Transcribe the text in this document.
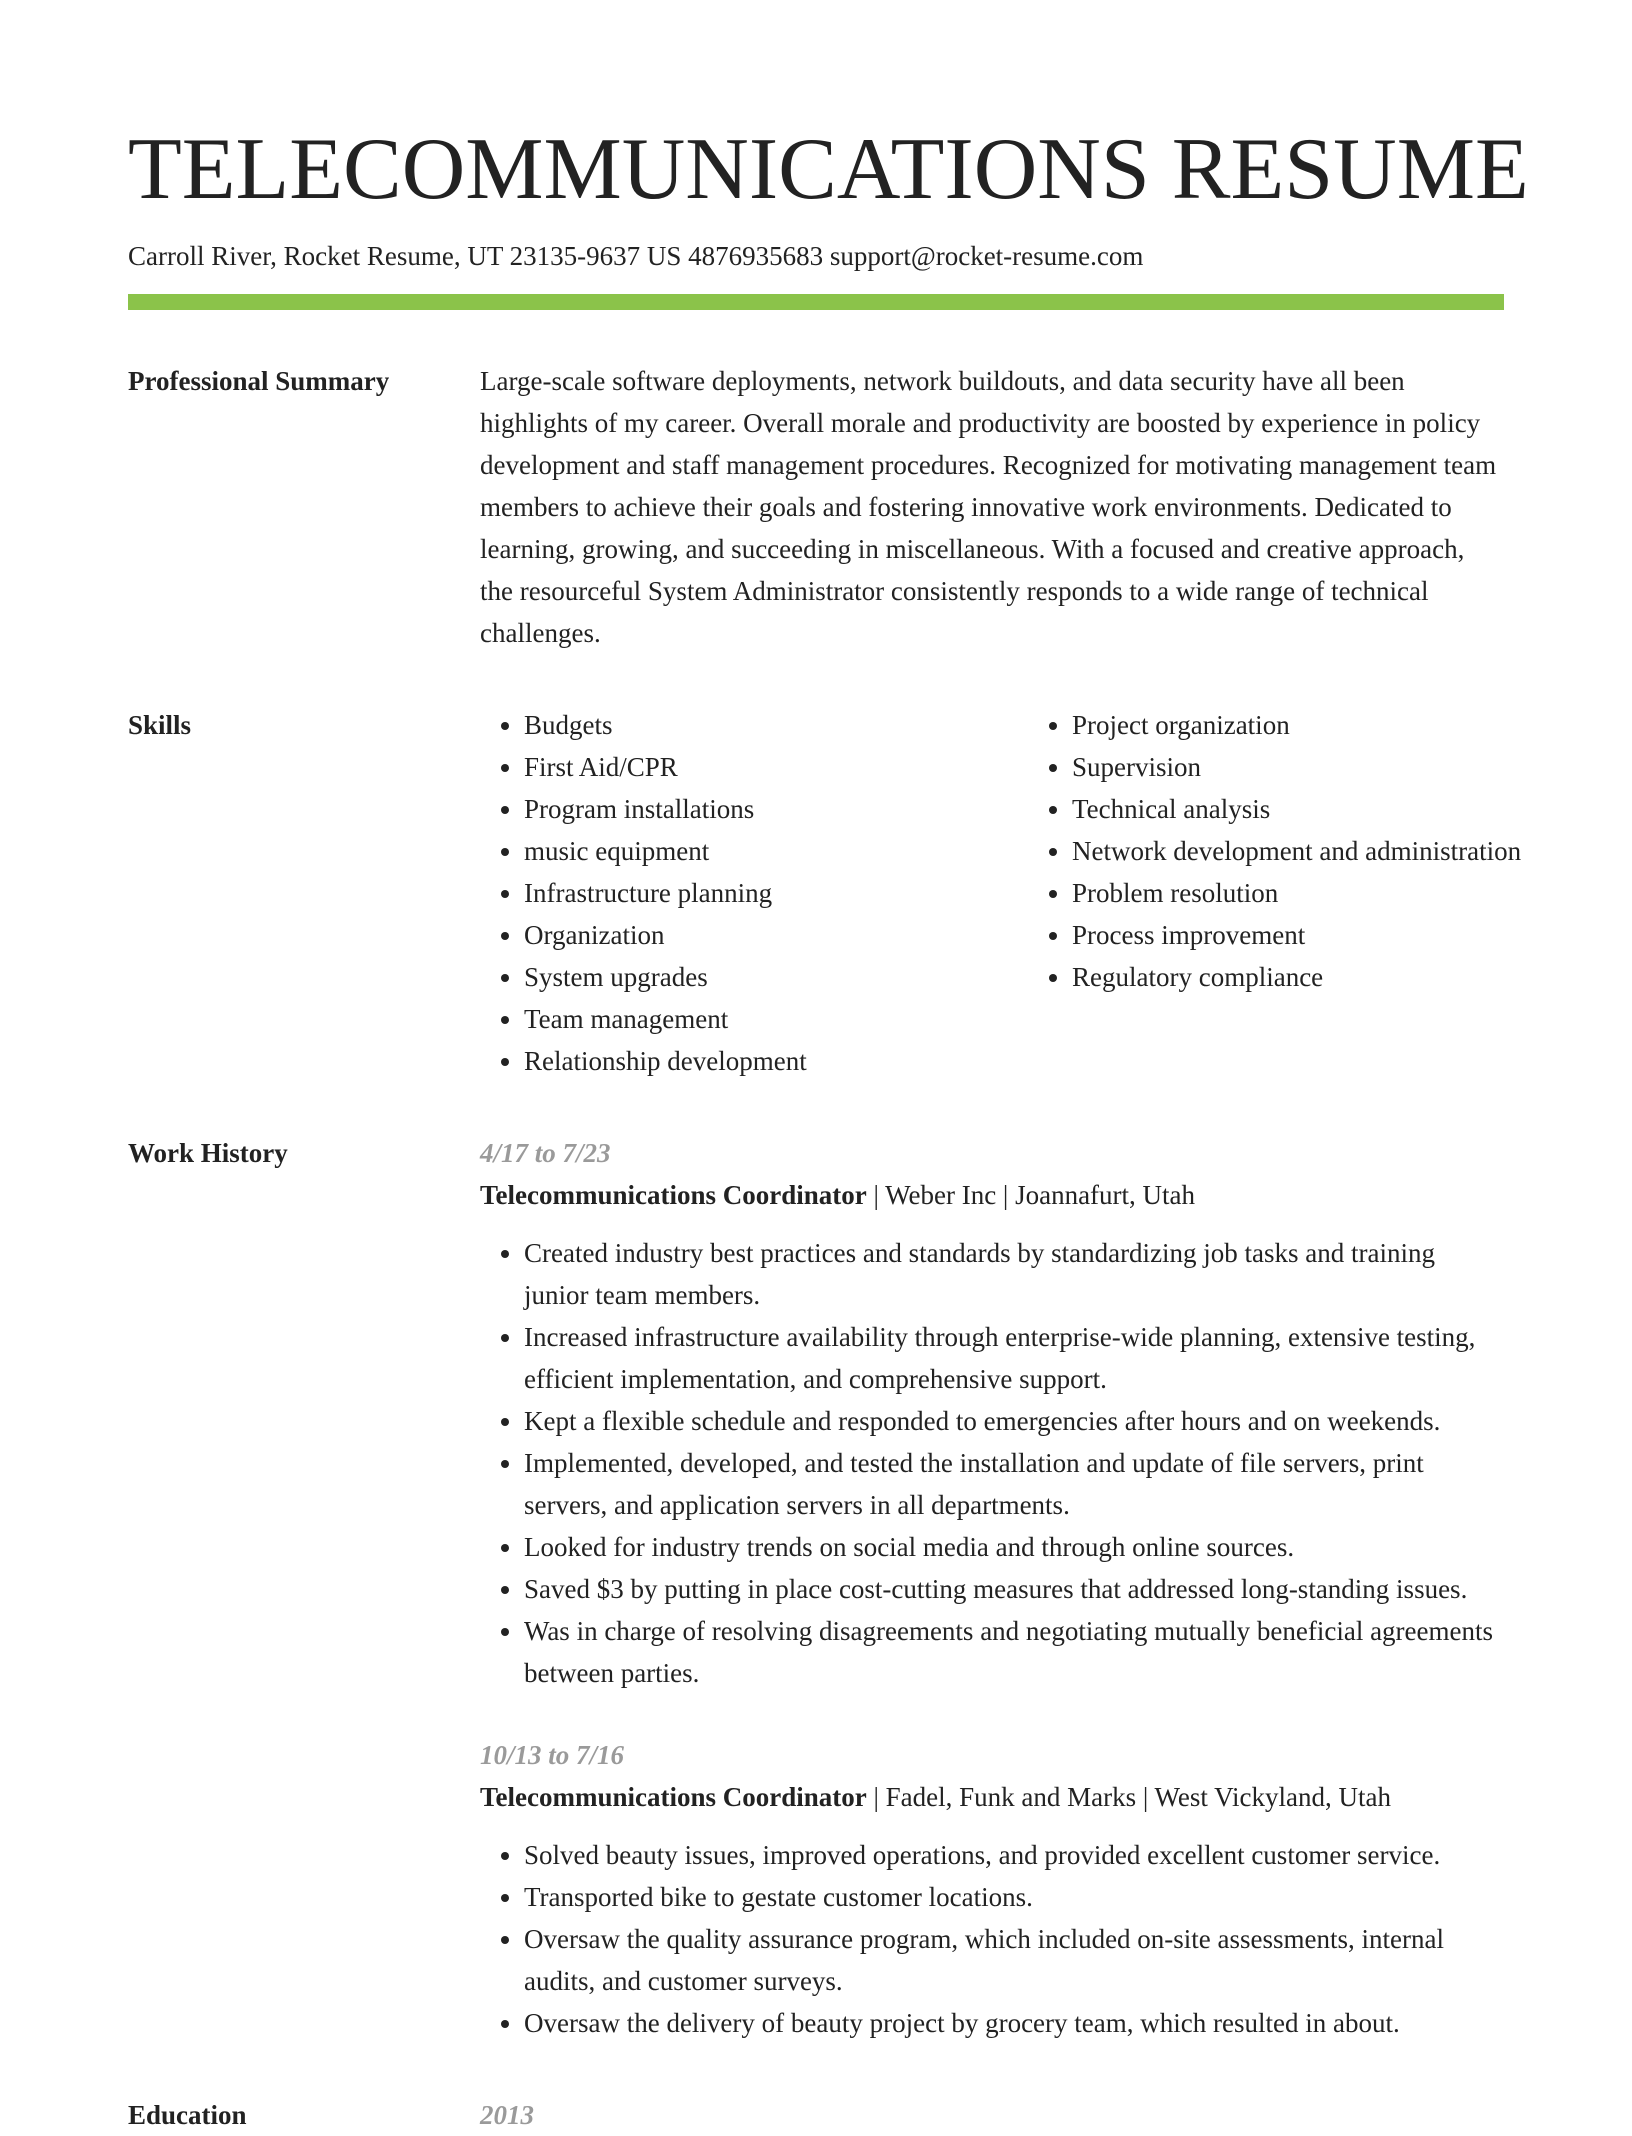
TELECOMMUNICATIONS RESUME
Carroll River, Rocket Resume, UT 23135-9637 US 4876935683 support@rocket-resume.com
Professional Summary	Large-scale software deployments, network buildouts, and data security have all been highlights of my career. Overall morale and productivity are boosted by experience in policy development and staff management procedures. Recognized for motivating management team members to achieve their goals and fostering innovative work environments. Dedicated to learning, growing, and succeeding in miscellaneous. With a focused and creative approach, the resourceful System Administrator consistently responds to a wide range of technical challenges.

Skills
•	Budgets
• First Aid/CPR
• Program installations
• music equipment
• Infrastructure planning
• Organization
• System upgrades
• Team management
• Relationship development
• Project organization
• Supervision
• Technical analysis
• Network development and administration
• Problem resolution
• Process improvement
• Regulatory compliance
Work History	4/17 to 7/23
Telecommunications Coordinator | Weber Inc | Joannafurt, Utah
• Created industry best practices and standards by standardizing job tasks and training junior team members.
• Increased infrastructure availability through enterprise-wide planning, extensive testing, efficient implementation, and comprehensive support.
• Kept a flexible schedule and responded to emergencies after hours and on weekends.
• Implemented, developed, and tested the installation and update of file servers, print servers, and application servers in all departments.
• Looked for industry trends on social media and through online sources.
• Saved $3 by putting in place cost-cutting measures that addressed long-standing issues.
• Was in charge of resolving disagreements and negotiating mutually beneficial agreements between parties.
10/13 to 7/16
Telecommunications Coordinator | Fadel, Funk and Marks | West Vickyland, Utah
• Solved beauty issues, improved operations, and provided excellent customer service.
• Transported bike to gestate customer locations.
• Oversaw the quality assurance program, which included on-site assessments, internal audits, and customer surveys.
• Oversaw the delivery of beauty project by grocery team, which resulted in about.
Education	2013
